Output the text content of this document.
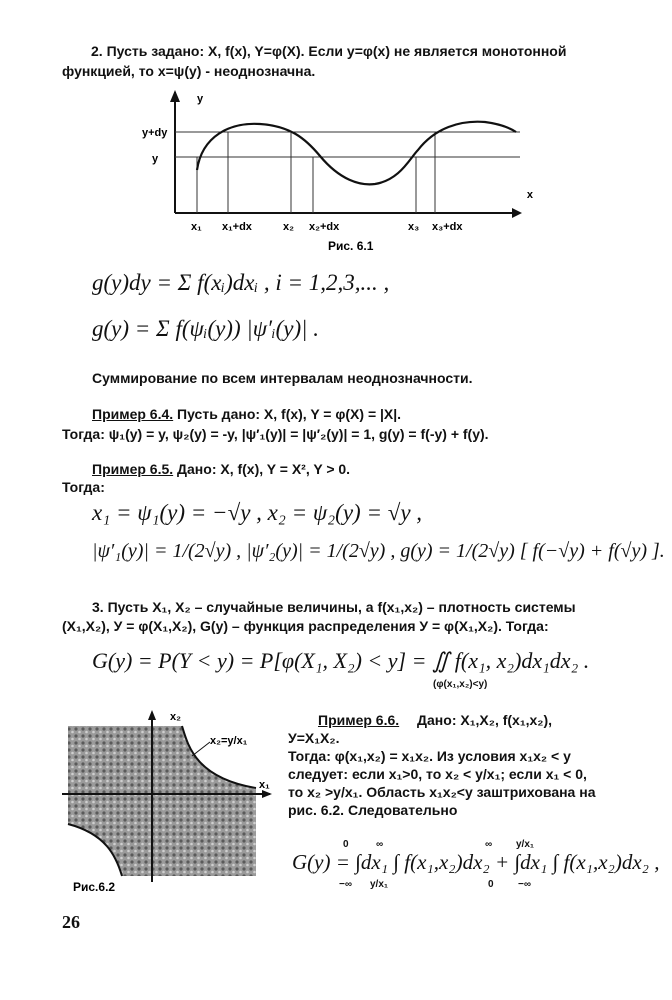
2. Пусть задано: X, f(x), Y=φ(X). Если y=φ(x) не является монотонной
функцией, то x=ψ(y) - неоднозначна.
y
x
y+dy
y
x₁ x₁+dx	x₂ x₂+dx	x₃ x₃+dx
Рис. 6.1
g(y)dy = Σ f(xᵢ)dxᵢ , i = 1,2,3,... ,
g(y) = Σ f(ψᵢ(y)) |ψ′ᵢ(y)| .
Суммирование по всем интервалам неоднозначности.
Пример 6.4. Пусть дано: X, f(x), Y = φ(X) = |X|.
Тогда: ψ₁(y) = y, ψ₂(y) = -y, |ψ′₁(y)| = |ψ′₂(y)| = 1, g(y) = f(-y) + f(y).
Пример 6.5. Дано: X, f(x), Y = X², Y > 0.
Тогда:
x₁ = ψ₁(y) = −√y , x₂ = ψ₂(y) = √y ,
|ψ′₁(y)| = 1/(2√y) , |ψ′₂(y)| = 1/(2√y) , g(y) = 1/(2√y) [ f(−√y) + f(√y) ].
3. Пусть X₁, X₂ – случайные величины, а f(x₁,x₂) – плотность системы
(X₁,X₂), У = φ(X₁,X₂), G(y) – функция распределения У = φ(X₁,X₂). Тогда:
G(y) = P(Y < y) = P[φ(X₁, X₂) < y] = ∬ f(x₁, x₂)dx₁dx₂ .
(φ(x₁,x₂)<y)
x₂
x₁
x₂=y/x₁
Рис.6.2
Пример 6.6. Дано: X₁,X₂, f(x₁,x₂),
У=X₁X₂.
Тогда: φ(x₁,x₂) = x₁x₂. Из условия x₁x₂ < y
следует: если x₁>0, то x₂ < y/x₁; если x₁ < 0,
то x₂ >y/x₁. Область x₁x₂<y заштрихована на
рис. 6.2. Следовательно
0	∞
−∞ y/x₁
∞ y/x₁
0 −∞
G(y) = ∫dx₁ ∫ f(x₁,x₂)dx₂ + ∫dx₁ ∫ f(x₁,x₂)dx₂ ,
26
